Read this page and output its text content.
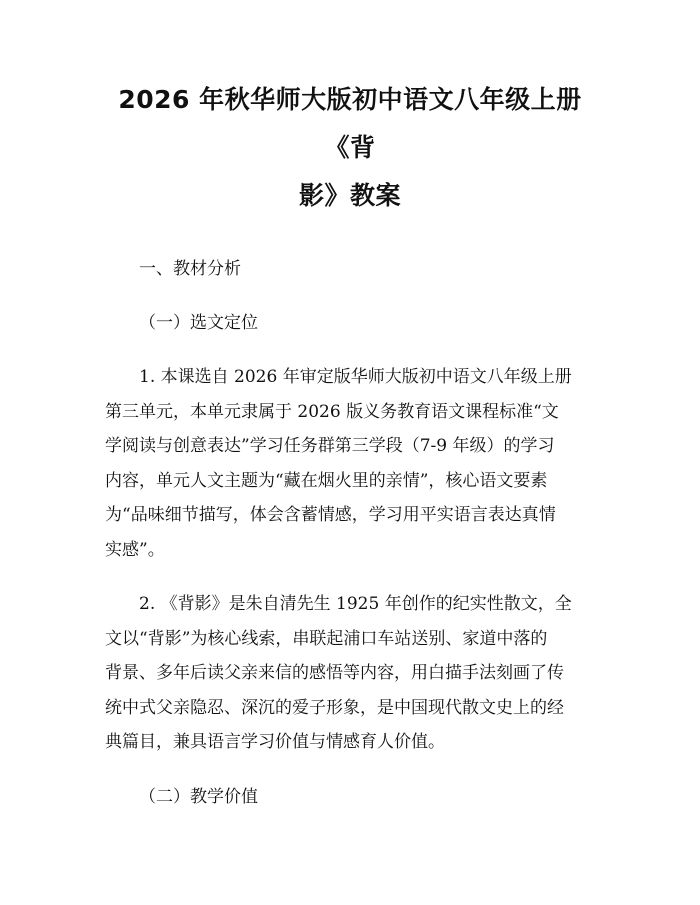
2026 年秋华师大版初中语文八年级上册《背
影》教案

一、教材分析

（一）选文定位

1. 本课选自 2026 年审定版华师大版初中语文八年级上册
第三单元，本单元隶属于 2026 版义务教育语文课程标准“文
学阅读与创意表达”学习任务群第三学段（7-9 年级）的学习
内容，单元人文主题为“藏在烟火里的亲情”，核心语文要素
为“品味细节描写，体会含蓄情感，学习用平实语言表达真情
实感”。

2. 《背影》是朱自清先生 1925 年创作的纪实性散文，全
文以“背影”为核心线索，串联起浦口车站送别、家道中落的
背景、多年后读父亲来信的感悟等内容，用白描手法刻画了传
统中式父亲隐忍、深沉的爱子形象，是中国现代散文史上的经
典篇目，兼具语言学习价值与情感育人价值。

（二）教学价值
